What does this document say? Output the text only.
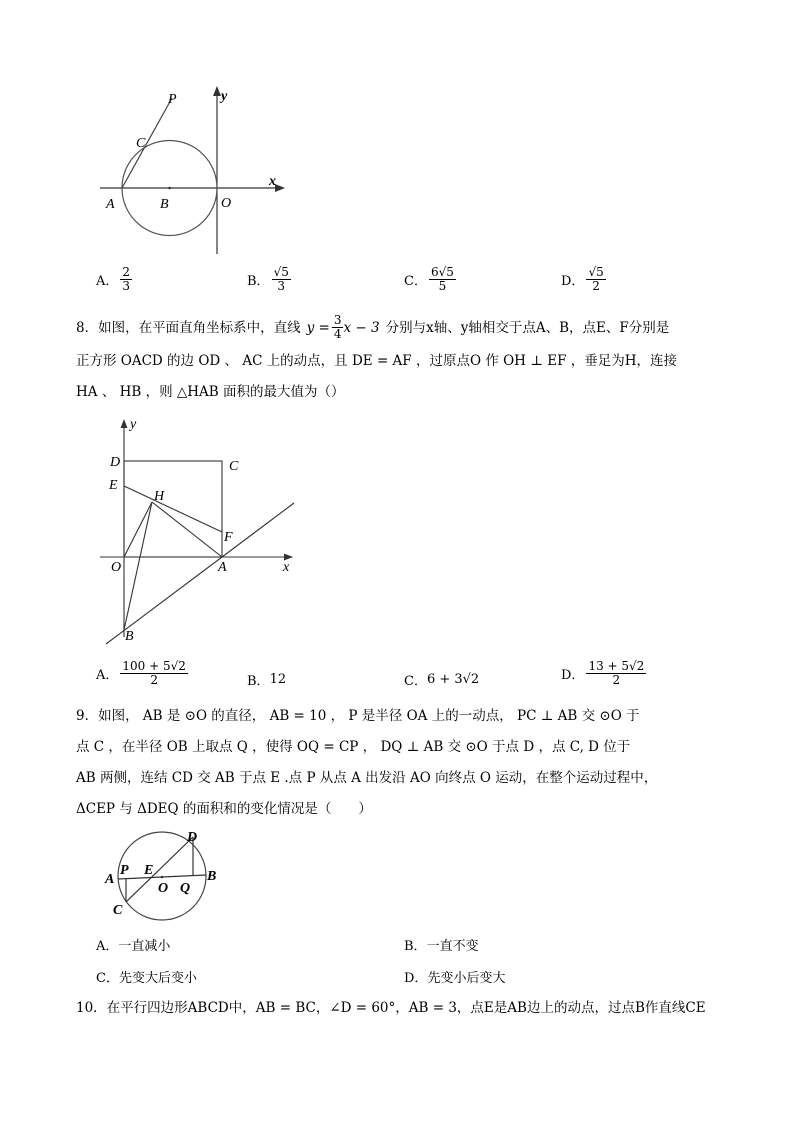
P	y
C
x
A	B	O
A． $\frac{2}{3}$	B． $\frac{√5}{3}$	C． $\frac{6√5}{5}$	D． $\frac{√5}{2}$
8．如图，在平面直角坐标系中，直线 $y = \frac{3}{4}$ x − 3 分别与x轴、y轴相交于点A、B，点E、F分别是
正方形 OACD 的边 OD 、 AC 上的动点，且 DE = AF ，过原点O 作 OH ⊥ EF ，垂足为H，连接
HA 、 HB ，则 △HAB 面积的最大值为（）
y
D	C
E
H
F
O	A	x
B
A． $\frac{100 + 5√2}{2}$	B． 12	C． 6 + 3√2	D． $\frac{13 + 5√2}{2}$
9．如图， AB 是 ⊙O 的直径， AB = 10 ， P 是半径 OA 上的一动点， PC ⊥ AB 交 ⊙O 于
点 C ，在半径 OB 上取点 Q ，使得 OQ = CP ， DQ ⊥ AB 交 ⊙O 于点 D ，点 C, D 位于
AB 两侧，连结 CD 交 AB 于点 E .点 P 从点 A 出发沿 AO 向终点 O 运动，在整个运动过程中，
ΔCEP 与 ΔDEQ 的面积和的变化情况是（　　）
A
P E
O Q
B
C
D
A． 一直减小	B． 一直不变
C． 先变大后变小	D． 先变小后变大
10．在平行四边形ABCD中，AB = BC，∠D = 60°，AB = 3，点E是AB边上的动点，过点B作直线CE
